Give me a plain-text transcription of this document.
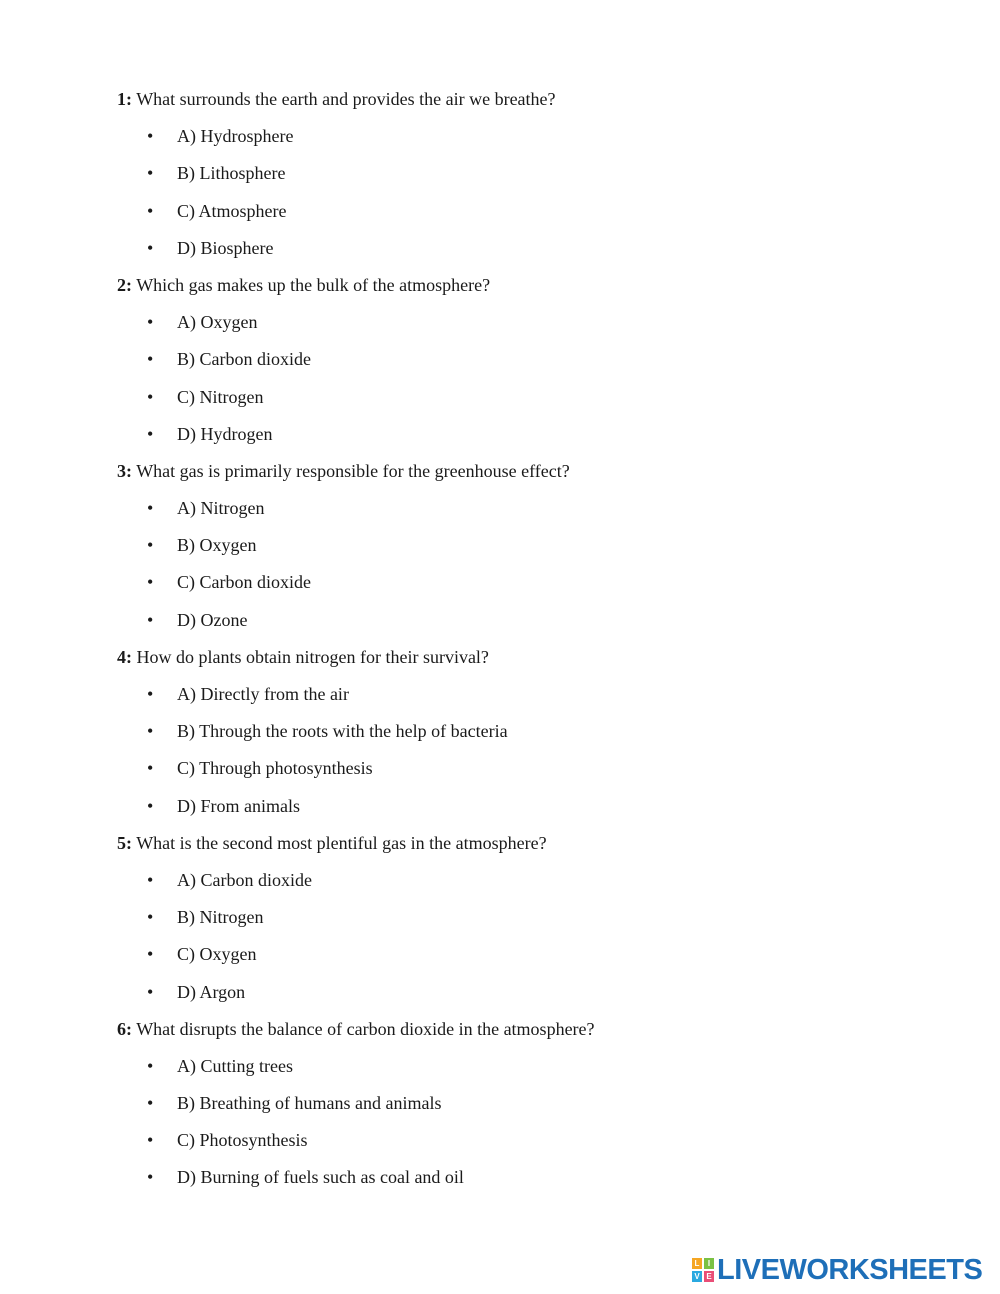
1: What surrounds the earth and provides the air we breathe?
• A) Hydrosphere
• B) Lithosphere
• C) Atmosphere
• D) Biosphere
2: Which gas makes up the bulk of the atmosphere?
• A) Oxygen
• B) Carbon dioxide
• C) Nitrogen
• D) Hydrogen
3: What gas is primarily responsible for the greenhouse effect?
• A) Nitrogen
• B) Oxygen
• C) Carbon dioxide
• D) Ozone
4: How do plants obtain nitrogen for their survival?
• A) Directly from the air
• B) Through the roots with the help of bacteria
• C) Through photosynthesis
• D) From animals
5: What is the second most plentiful gas in the atmosphere?
• A) Carbon dioxide
• B) Nitrogen
• C) Oxygen
• D) Argon
6: What disrupts the balance of carbon dioxide in the atmosphere?
• A) Cutting trees
• B) Breathing of humans and animals
• C) Photosynthesis
• D) Burning of fuels such as coal and oil
L	I
V E LIVEWORKSHEETS
